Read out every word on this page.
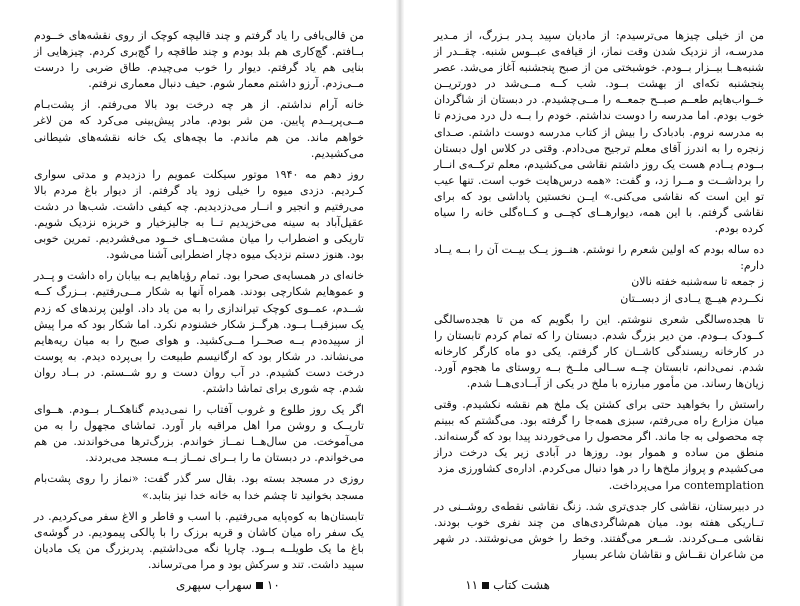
من قالی‌بافی را یاد گرفتم و چند قالیچه کوچک از روی نقشه‌های خــودم بــافتم. گچ‌کاری هم بلد بودم و چند طاقچه را گچ‌بری کردم. چیزهایی از بنایی هم یاد گرفتم. دیوار را خوب می‌چیدم. طاق ضربی را درست مــی‌زدم. آرزو داشتم معمار شوم. حیف دنبال معماری نرفتم.

خانه آرام نداشتم. از هر چه درخت بود بالا می‌رفتم. از پشت‌بـام مــی‌پریــدم پایین. من شر بودم. مادر پیش‌بینی می‌کرد که من لاغر خواهم ماند. من هم ماندم. ما بچه‌های یک خانه نقشه‌های شیطانی می‌کشیدیم.

روز دهم مه ۱۹۴۰ موتور سیکلت عمویم را دزدیدم و مدتی سواری کـردیم. دزدی میوه را خیلی زود یاد گرفتم. از دیوار باغ مردم بالا می‌رفتیم و انجیر و انــار می‌دزدیدیم. چه کیفی داشت. شب‌ها در دشت عقیل‌آباد به سینه می‌خزیدیم تــا به جالیزخیار و خربزه نزدیک شویم. تاریکی و اضطراب را میان مشت‌هــای خــود می‌فشردیم. تمرین خوبی بود. هنوز دستم نزدیک میوه دچار اضطرابی آشنا می‌شود.

خانه‌ای در همسایه‌ی صحرا بود. تمام رؤیاهایم بـه بیابان راه داشت و پــدر و عموهایم شکارچی بودند. همراه آنها به شکار مــی‌رفتیم. بــزرگ کــه شــدم، عمــوی کوچک تیراندازی را به من یاد داد. اولین پرندهای که زدم یک سبزقبــا بــود. هرگــز شکار خشنودم نکرد. اما شکار بود که مرا پیش از سپیده‌دم بــه صحــرا مــی‌کشید. و هوای صبح را به میان ریه‌هایم می‌نشاند. در شکار بود که ارگانیسم طبیعت را بی‌پرده دیدم. به پوست درخت دست کشیدم. در آب روان دست و رو شــستم. در بــاد روان شدم. چه شوری برای تماشا داشتم.

اگر یک روز طلوع و غروب آفتاب را نمی‌دیدم گناهکــار بــودم. هــوای تاریــک و روشن مرا اهل مراقبه بار آورد. تماشای مجهول را به من می‌آموخت. من سال‌هــا نمــاز خواندم. بزرگ‌ترها می‌خواندند. من هم می‌خواندم. در دبستان ما را بــرای نمــاز بــه مسجد می‌بردند.

روزی در مسجد بسته بود. بقال سر گذر گفت: «نماز را روی پشت‌بام مسجد بخوانید تا چشم خدا به خانه خدا نیز بتابد.»

تابستان‌ها به کوه‌پایه می‌رفتیم. با اسب و قاطر و الاغ سفر می‌کردیم. در یک سفر راه میان کاشان و قریه برزک را با پالکی پیمودیم. در گوشه‌ی باغ ما یک طویلــه بــود. چارپا نگه می‌داشتیم. پدربزرگ من یک مادیان سپید داشت. تند و سرکش بود و مرا می‌ترساند.

۱۰
سهراب سپهری

من از خیلی چیزها می‌ترسیدم: از مادیان سپید پـدر بـزرگ، از مـدیر مدرسـه، از نزدیک شدن وقت نماز، از قیافه‌ی عبــوس شنبه. چقــدر از شنبه‌هــا بیــزار بــودم. خوشبختی من از صبح پنجشنبه آغاز می‌شد. عصر پنجشنبه تکه‌ای از بهشت بــود. شب کــه مــی‌شد در دورتریــن خــواب‌هایم طعــم صبــح جمعــه را مــی‌چشیدم. در دبستان از شاگردان خوب بودم. اما مدرسه را دوست نداشتم. خودم را بــه دل درد می‌زدم تا به مدرسه نروم. بادبادک را بیش از کتاب مدرسه دوست داشتم. صـدای زنجره را به اندرز آقای معلم ترجیح می‌دادم. وقتی در کلاس اول دبستان بــودم یــادم هست یک روز داشتم نقاشی می‌کشیدم، معلم ترکــه‌ی انــار را برداشــت و مــرا زد، و گفت: «همه درس‌هایت خوب است. تنها عیب تو این است که نقاشی می‌کنی.» ایــن نخستین پاداشی بود که برای نقاشی گرفتم. با این همه، دیوارهــای کچــی و کــاه‌گلی خانه را سیاه کرده بودم.

ده ساله بودم که اولین شعرم را نوشتم. هنــوز یــک بیــت آن را بــه یــاد دارم:

ز جمعه تا سه‌شنبه خفته نالان

نکــردم هیــچ یــادی از دبســتان

تا هجده‌سالگی شعری ننوشتم. این را بگویم که من تا هجده‌سالگی کــودک بــودم. من دیر بزرگ شدم. دبستان را که تمام کردم تابستان را در کارخانه ریسندگی کاشــان کار گرفتم. یکی دو ماه کارگر کارخانه شدم. نمی‌دانم، تابستان چــه ســالی ملــخ بــه روستای ما هجوم آورد. زیان‌ها رساند. من مأمور مبارزه با ملخ در یکی از آبــادی‌هــا شدم.

راستش را بخواهید حتی برای کشتن یک ملخ هم نقشه نکشیدم. وقتی میان مزارع راه می‌رفتم، سبزی همه‌جا را گرفته بود. می‌گشتم که ببینم چه محصولی به جا ماند. اگر محصول را می‌خوردند پیدا بود که گرسنه‌اند. منطق من ساده و هموار بود. روزها در آبادی زیر یک درخت دراز می‌کشیدم و پرواز ملخ‌ها را در هوا دنبال می‌کردم. اداره‌ی کشاورزی مزد

contemplation مرا می‌پرداخت.

در دبیرستان، نقاشی کار جدی‌تری شد. زنگ نقاشی نقطه‌ی روشــنی در تــاریکی هفته بود. میان هم‌شاگردی‌های من چند نفری خوب بودند. نقاشی مــی‌کردند. شــعر می‌گفتند. وخط را خوش می‌نوشتند. در شهر من شاعران نقــاش و نقاشان شاعر بسیار

هشت کتاب
۱۱
